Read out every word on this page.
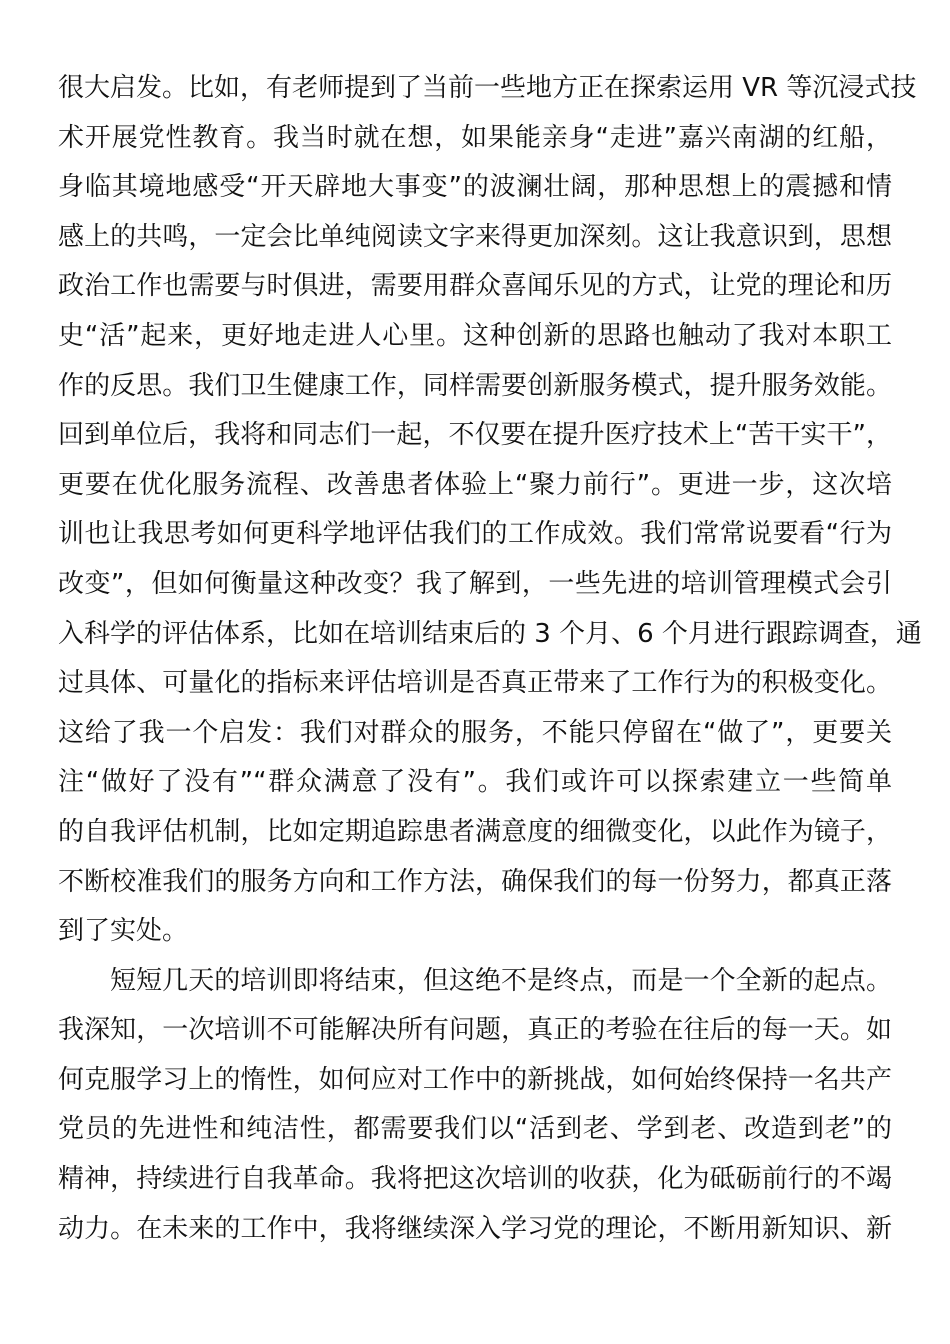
很大启发。比如，有老师提到了当前一些地方正在探索运用 VR 等沉浸式技
术开展党性教育。我当时就在想，如果能亲身“走进”嘉兴南湖的红船，
身临其境地感受“开天辟地大事变”的波澜壮阔，那种思想上的震撼和情
感上的共鸣，一定会比单纯阅读文字来得更加深刻。这让我意识到，思想
政治工作也需要与时俱进，需要用群众喜闻乐见的方式，让党的理论和历
史“活”起来，更好地走进人心里。这种创新的思路也触动了我对本职工
作的反思。我们卫生健康工作，同样需要创新服务模式，提升服务效能。
回到单位后，我将和同志们一起，不仅要在提升医疗技术上“苦干实干”，
更要在优化服务流程、改善患者体验上“聚力前行”。更进一步，这次培
训也让我思考如何更科学地评估我们的工作成效。我们常常说要看“行为
改变”，但如何衡量这种改变？我了解到，一些先进的培训管理模式会引
入科学的评估体系，比如在培训结束后的 3 个月、6 个月进行跟踪调查，通
过具体、可量化的指标来评估培训是否真正带来了工作行为的积极变化。
这给了我一个启发：我们对群众的服务，不能只停留在“做了”，更要关
注“做好了没有”“群众满意了没有”。我们或许可以探索建立一些简单
的自我评估机制，比如定期追踪患者满意度的细微变化，以此作为镜子，
不断校准我们的服务方向和工作方法，确保我们的每一份努力，都真正落
到了实处。
短短几天的培训即将结束，但这绝不是终点，而是一个全新的起点。
我深知，一次培训不可能解决所有问题，真正的考验在往后的每一天。如
何克服学习上的惰性，如何应对工作中的新挑战，如何始终保持一名共产
党员的先进性和纯洁性，都需要我们以“活到老、学到老、改造到老”的
精神，持续进行自我革命。我将把这次培训的收获，化为砥砺前行的不竭
动力。在未来的工作中，我将继续深入学习党的理论，不断用新知识、新
